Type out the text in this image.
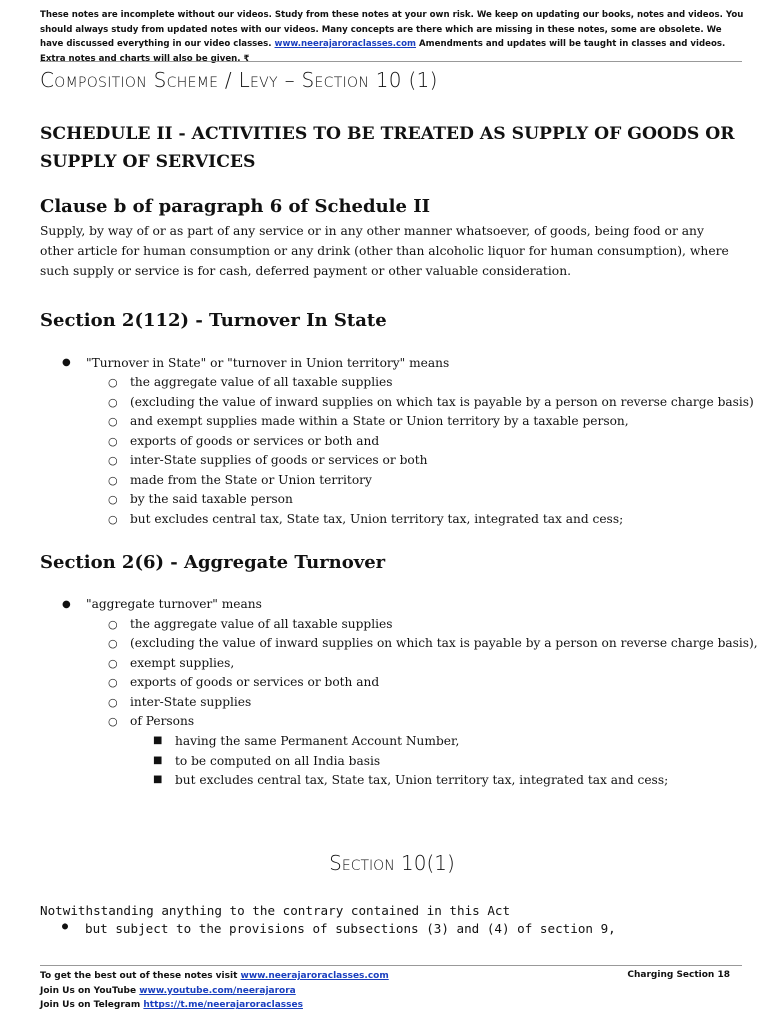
These notes are incomplete without our videos. Study from these notes at your own risk. We keep on updating our books, notes and videos. You should always study from updated notes with our videos. Many concepts are there which are missing in these notes, some are obsolete. We have discussed everything in our video classes. www.neerajaroraclasses.com Amendments and updates will be taught in classes and videos. Extra notes and charts will also be given. ₹
Composition Scheme / Levy – Section 10 (1)
SCHEDULE II - ACTIVITIES TO BE TREATED AS SUPPLY OF GOODS OR SUPPLY OF SERVICES
Clause b of paragraph 6 of Schedule II
Supply, by way of or as part of any service or in any other manner whatsoever, of goods, being food or any other article for human consumption or any drink (other than alcoholic liquor for human consumption), where such supply or service is for cash, deferred payment or other valuable consideration.
Section 2(112) - Turnover In State
● "Turnover in State" or "turnover in Union territory" means
○ the aggregate value of all taxable supplies
○ (excluding the value of inward supplies on which tax is payable by a person on reverse charge basis)
○ and exempt supplies made within a State or Union territory by a taxable person,
○ exports of goods or services or both and
○ inter-State supplies of goods or services or both
○ made from the State or Union territory
○ by the said taxable person
○ but excludes central tax, State tax, Union territory tax, integrated tax and cess;
Section 2(6) - Aggregate Turnover
● "aggregate turnover" means
○ the aggregate value of all taxable supplies
○ (excluding the value of inward supplies on which tax is payable by a person on reverse charge basis),
○ exempt supplies,
○ exports of goods or services or both and
○ inter-State supplies
○ of Persons
■ having the same Permanent Account Number,
■ to be computed on all India basis
■ but excludes central tax, State tax, Union territory tax, integrated tax and cess;
Section 10(1)
Notwithstanding anything to the contrary contained in this Act
● but subject to the provisions of subsections (3) and (4) of section 9,
To get the best out of these notes visit www.neerajaroraclasses.com
Join Us on YouTube www.youtube.com/neerajarora
Join Us on Telegram https://t.me/neerajaroraclasses
Charging Section 18
